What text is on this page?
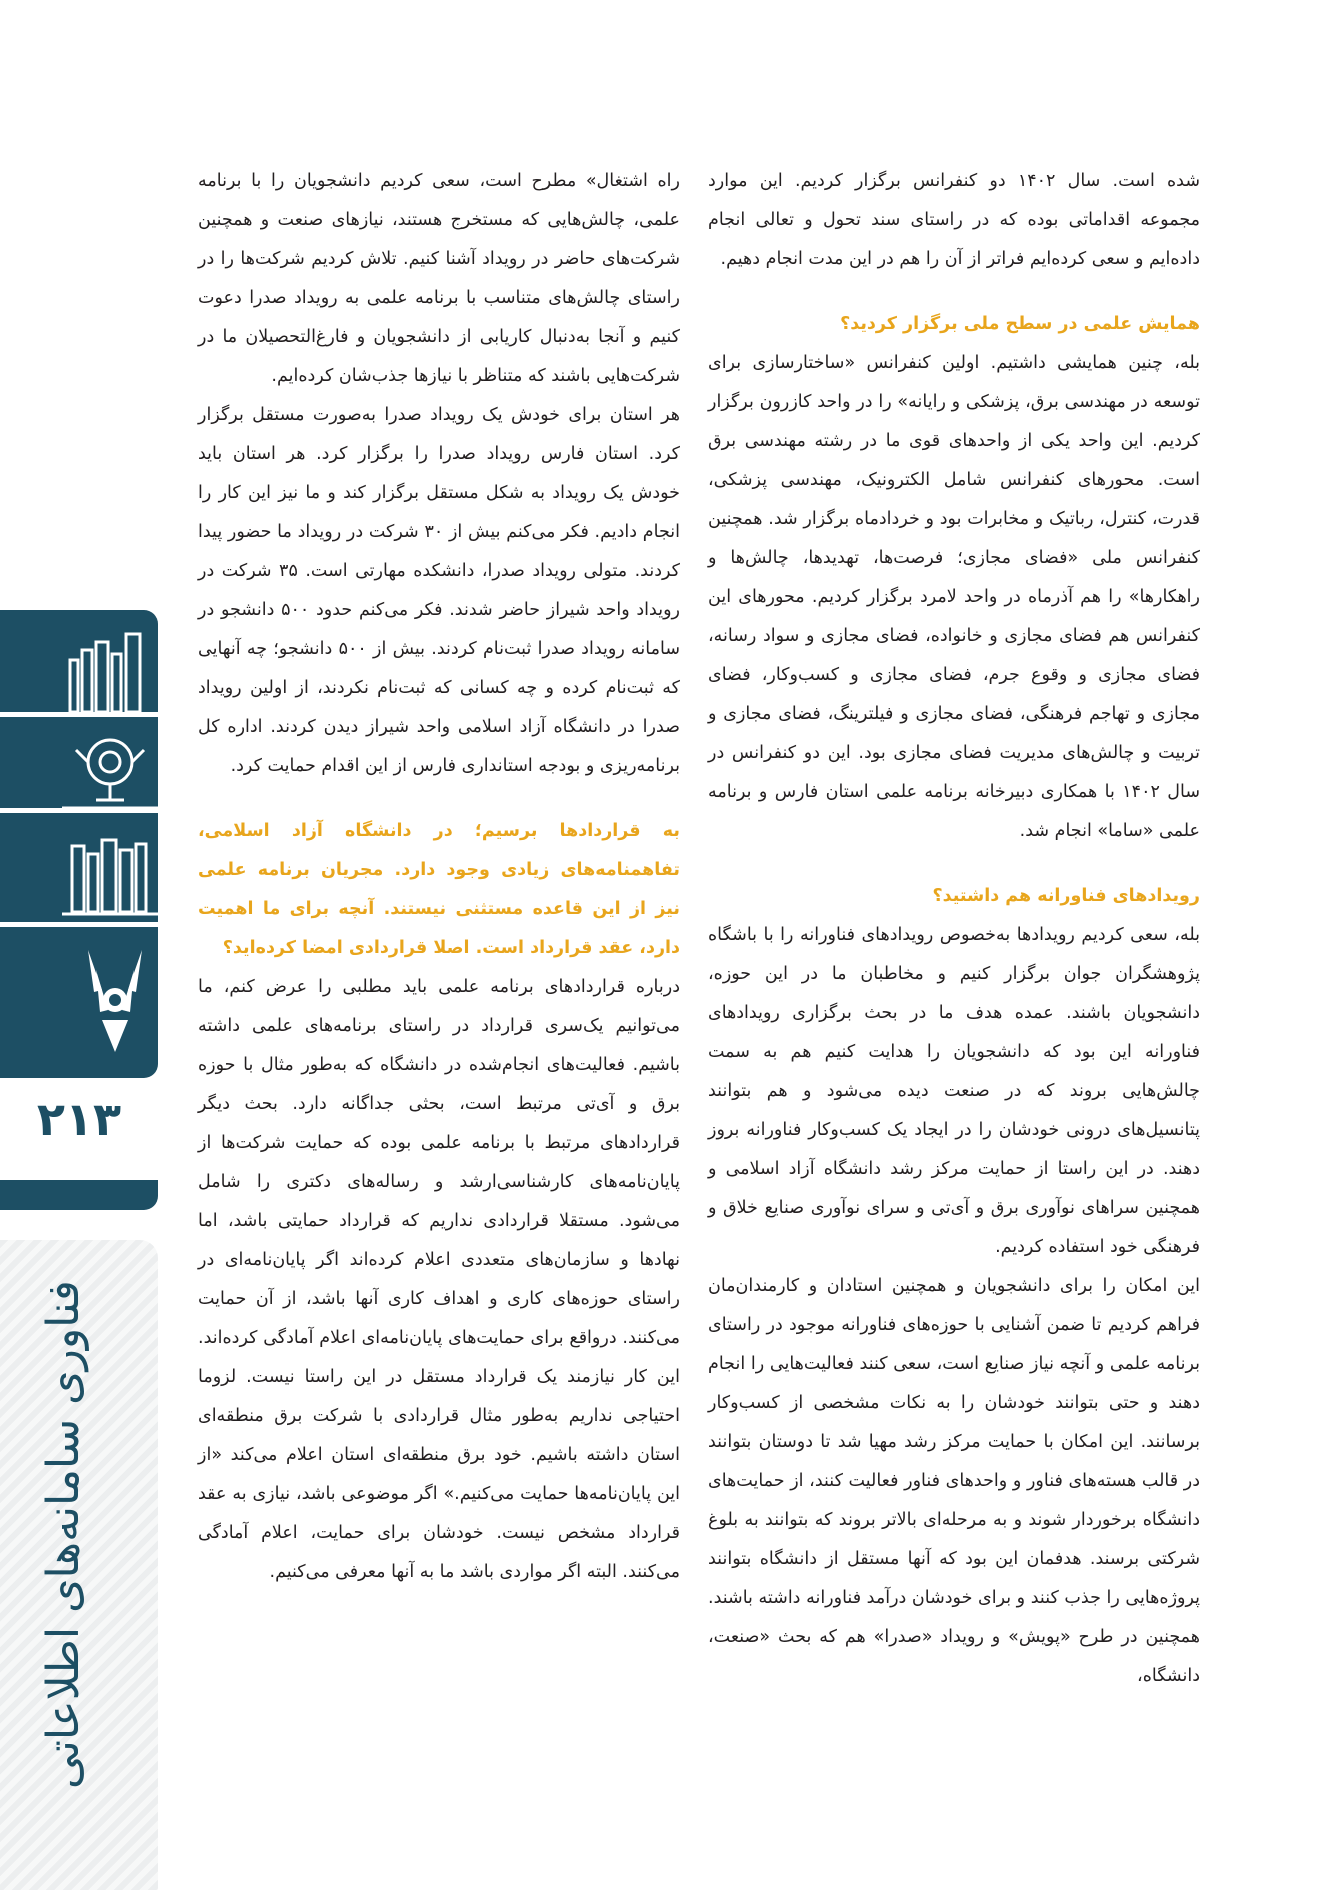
۲۱۳
فناوری سامانه‌های اطلاعاتی

شده است. سال ۱۴۰۲ دو کنفرانس برگزار کردیم. این موارد مجموعه اقداماتی بوده که در راستای سند تحول و تعالی انجام داده‌ایم و سعی کرده‌ایم فراتر از آن را هم در این مدت انجام دهیم.

همایش علمی در سطح ملی برگزار کردید؟

بله، چنین همایشی داشتیم. اولین کنفرانس «ساختارسازی برای توسعه در مهندسی برق، پزشکی و رایانه» را در واحد کازرون برگزار کردیم. این واحد یکی از واحدهای قوی ما در رشته مهندسی برق است. محورهای کنفرانس شامل الکترونیک، مهندسی پزشکی، قدرت، کنترل، رباتیک و مخابرات بود و خردادماه برگزار شد. همچنین کنفرانس ملی «فضای مجازی؛ فرصت‌ها، تهدیدها، چالش‌ها و راهکارها» را هم آذرماه در واحد لامرد برگزار کردیم. محورهای این کنفرانس هم فضای مجازی و خانواده، فضای مجازی و سواد رسانه، فضای مجازی و وقوع جرم، فضای مجازی و کسب‌وکار، فضای مجازی و تهاجم فرهنگی، فضای مجازی و فیلترینگ، فضای مجازی و تربیت و چالش‌های مدیریت فضای مجازی بود. این دو کنفرانس در سال ۱۴۰۲ با همکاری دبیرخانه برنامه علمی استان فارس و برنامه علمی «ساما» انجام شد.

رویدادهای فناورانه هم داشتید؟

بله، سعی کردیم رویدادها به‌خصوص رویدادهای فناورانه را با باشگاه پژوهشگران جوان برگزار کنیم و مخاطبان ما در این حوزه، دانشجویان باشند. عمده هدف ما در بحث برگزاری رویدادهای فناورانه این بود که دانشجویان را هدایت کنیم هم به سمت چالش‌هایی بروند که در صنعت دیده می‌شود و هم بتوانند پتانسیل‌های درونی خودشان را در ایجاد یک کسب‌وکار فناورانه بروز دهند. در این راستا از حمایت مرکز رشد دانشگاه آزاد اسلامی و همچنین سراهای نوآوری برق و آی‌تی و سرای نوآوری صنایع خلاق و فرهنگی خود استفاده کردیم.

این امکان را برای دانشجویان و همچنین استادان و کارمندان‌مان فراهم کردیم تا ضمن آشنایی با حوزه‌های فناورانه موجود در راستای برنامه علمی و آنچه نیاز صنایع است، سعی کنند فعالیت‌هایی را انجام دهند و حتی بتوانند خودشان را به نکات مشخصی از کسب‌وکار برسانند. این امکان با حمایت مرکز رشد مهیا شد تا دوستان بتوانند در قالب هسته‌های فناور و واحدهای فناور فعالیت کنند، از حمایت‌های دانشگاه برخوردار شوند و به مرحله‌ای بالاتر بروند که بتوانند به بلوغ شرکتی برسند. هدفمان این بود که آنها مستقل از دانشگاه بتوانند پروژه‌هایی را جذب کنند و برای خودشان درآمد فناورانه داشته باشند. همچنین در طرح «پویش» و رویداد «صدرا» هم که بحث «صنعت، دانشگاه،

راه اشتغال» مطرح است، سعی کردیم دانشجویان را با برنامه علمی، چالش‌هایی که مستخرج هستند، نیازهای صنعت و همچنین شرکت‌های حاضر در رویداد آشنا کنیم. تلاش کردیم شرکت‌ها را در راستای چالش‌های متناسب با برنامه علمی به رویداد صدرا دعوت کنیم و آنجا به‌دنبال کاریابی از دانشجویان و فارغ‌التحصیلان ما در شرکت‌هایی باشند که متناظر با نیازها جذب‌شان کرده‌ایم.

هر استان برای خودش یک رویداد صدرا به‌صورت مستقل برگزار کرد. استان فارس رویداد صدرا را برگزار کرد. هر استان باید خودش یک رویداد به شکل مستقل برگزار کند و ما نیز این کار را انجام دادیم. فکر می‌کنم بیش از ۳۰ شرکت در رویداد ما حضور پیدا کردند. متولی رویداد صدرا، دانشکده مهارتی است. ۳۵ شرکت در رویداد واحد شیراز حاضر شدند. فکر می‌کنم حدود ۵۰۰ دانشجو در سامانه رویداد صدرا ثبت‌نام کردند. بیش از ۵۰۰ دانشجو؛ چه آنهایی که ثبت‌نام کرده و چه کسانی که ثبت‌نام نکردند، از اولین رویداد صدرا در دانشگاه آزاد اسلامی واحد شیراز دیدن کردند. اداره کل برنامه‌ریزی و بودجه استانداری فارس از این اقدام حمایت کرد.

به قراردادها برسیم؛ در دانشگاه آزاد اسلامی، تفاهمنامه‌های زیادی وجود دارد. مجریان برنامه علمی نیز از این قاعده مستثنی نیستند. آنچه برای ما اهمیت دارد، عقد قرارداد است. اصلا قراردادی امضا کرده‌اید؟

درباره قراردادهای برنامه علمی باید مطلبی را عرض کنم، ما می‌توانیم یک‌سری قرارداد در راستای برنامه‌های علمی داشته باشیم. فعالیت‌های انجام‌شده در دانشگاه که به‌طور مثال با حوزه برق و آی‌تی مرتبط است، بحثی جداگانه دارد. بحث دیگر قراردادهای مرتبط با برنامه علمی بوده که حمایت شرکت‌ها از پایان‌نامه‌های کارشناسی‌ارشد و رساله‌های دکتری را شامل می‌شود. مستقلا قراردادی نداریم که قرارداد حمایتی باشد، اما نهادها و سازمان‌های متعددی اعلام کرده‌اند اگر پایان‌نامه‌ای در راستای حوزه‌های کاری و اهداف کاری آنها باشد، از آن حمایت می‌کنند. درواقع برای حمایت‌های پایان‌نامه‌ای اعلام آمادگی کرده‌اند. این کار نیازمند یک قرارداد مستقل در این راستا نیست. لزوما احتیاجی نداریم به‌طور مثال قراردادی با شرکت برق منطقه‌ای استان داشته باشیم. خود برق منطقه‌ای استان اعلام می‌کند «از این پایان‌نامه‌ها حمایت می‌کنیم.» اگر موضوعی باشد، نیازی به عقد قرارداد مشخص نیست. خودشان برای حمایت، اعلام آمادگی می‌کنند. البته اگر مواردی باشد ما به آنها معرفی می‌کنیم.
